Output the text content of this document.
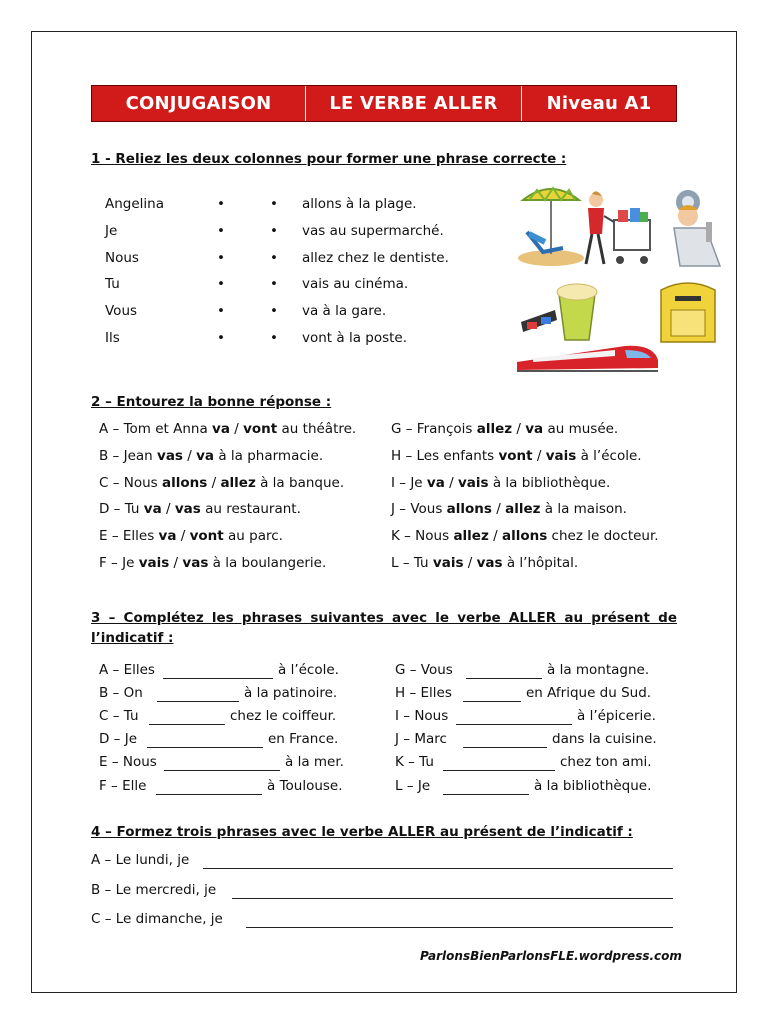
CONJUGAISON	LE VERBE ALLER	Niveau A1
1 - Reliez les deux colonnes pour former une phrase correcte :
Angelina	•	• allons à la plage.
Je	•	• vas au supermarché.
Nous	•	• allez chez le dentiste.
Tu	•	• vais au cinéma.
Vous	•	• va à la gare.
Ils	•	• vont à la poste.
2 – Entourez la bonne réponse :
A – Tom et Anna va / vont au théâtre.
B – Jean vas / va à la pharmacie.
C – Nous allons / allez à la banque.
D – Tu va / vas au restaurant.
E – Elles va / vont au parc.
F – Je vais / vas à la boulangerie.
G – François allez / va au musée.
H – Les enfants vont / vais à l’école.
I – Je va / vais à la bibliothèque.
J – Vous allons / allez à la maison.
K – Nous allez / allons chez le docteur.
L – Tu vais / vas à l’hôpital.
3 – Complétez les phrases suivantes avec le verbe ALLER au présent de
l’indicatif :
A – Elles	à l’école.
B – On	à la patinoire.
C – Tu	chez le coiffeur.
D – Je	en France.
E – Nous	à la mer.
F – Elle	à Toulouse.
G – Vous	à la montagne.
H – Elles	en Afrique du Sud.
I – Nous	à l’épicerie.
J – Marc	dans la cuisine.
K – Tu	chez ton ami.
L – Je	à la bibliothèque.
4 – Formez trois phrases avec le verbe ALLER au présent de l’indicatif :
A – Le lundi, je
B – Le mercredi, je
C – Le dimanche, je
ParlonsBienParlonsFLE.wordpress.com
